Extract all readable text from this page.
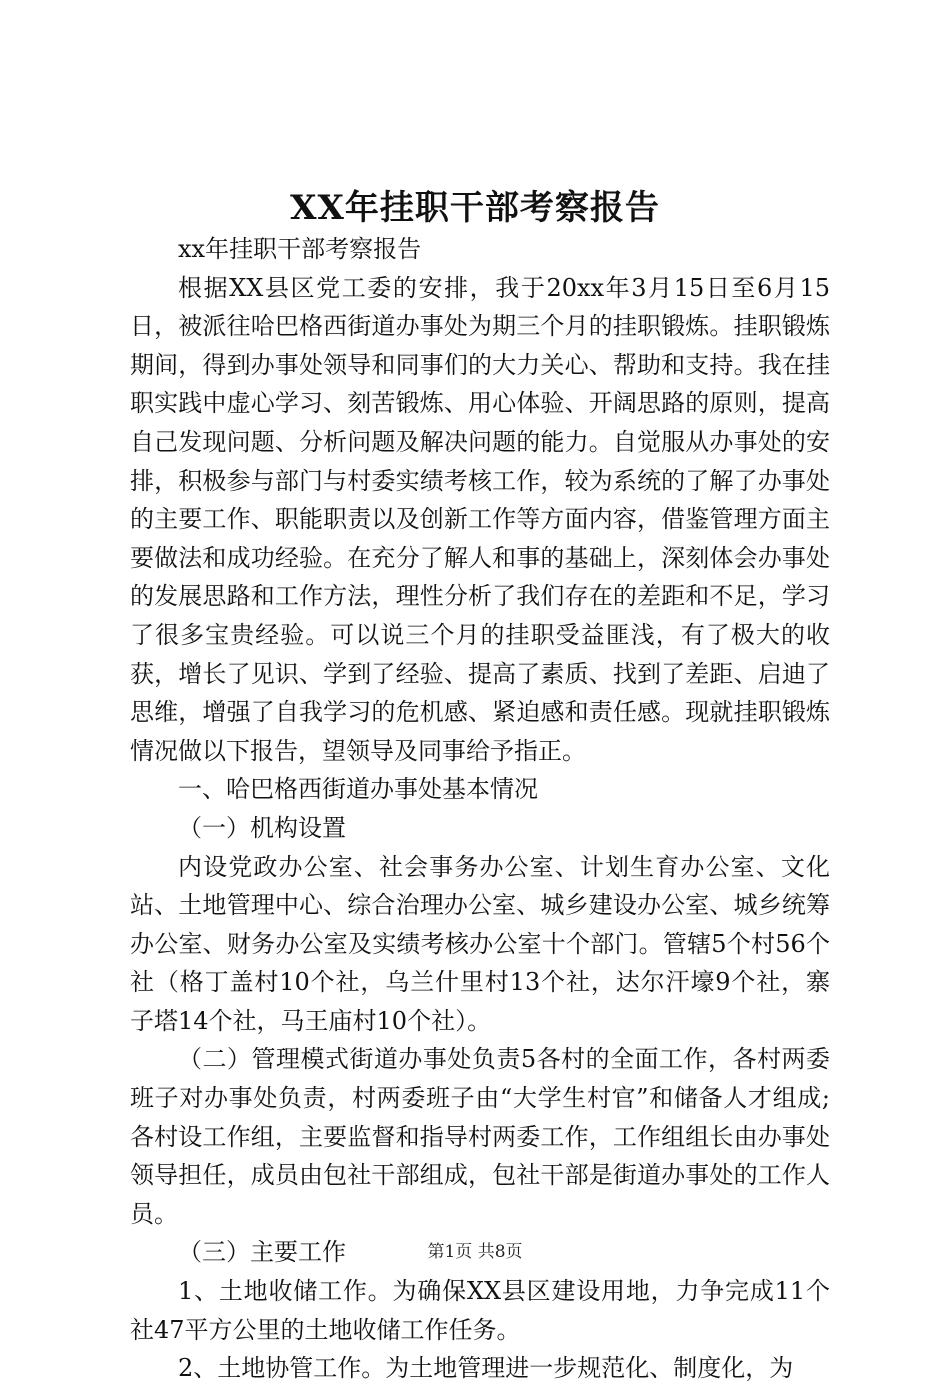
XX年挂职干部考察报告

xx年挂职干部考察报告

根据XX县区党工委的安排，我于20xx年3月15日至6月15日，被派往哈巴格西街道办事处为期三个月的挂职锻炼。挂职锻炼期间，得到办事处领导和同事们的大力关心、帮助和支持。我在挂职实践中虚心学习、刻苦锻炼、用心体验、开阔思路的原则，提高自己发现问题、分析问题及解决问题的能力。自觉服从办事处的安排，积极参与部门与村委实绩考核工作，较为系统的了解了办事处的主要工作、职能职责以及创新工作等方面内容，借鉴管理方面主要做法和成功经验。在充分了解人和事的基础上，深刻体会办事处的发展思路和工作方法，理性分析了我们存在的差距和不足，学习了很多宝贵经验。可以说三个月的挂职受益匪浅，有了极大的收获，增长了见识、学到了经验、提高了素质、找到了差距、启迪了思维，增强了自我学习的危机感、紧迫感和责任感。现就挂职锻炼情况做以下报告，望领导及同事给予指正。

一、哈巴格西街道办事处基本情况

（一）机构设置

内设党政办公室、社会事务办公室、计划生育办公室、文化站、土地管理中心、综合治理办公室、城乡建设办公室、城乡统筹办公室、财务办公室及实绩考核办公室十个部门。管辖5个村56个社（格丁盖村10个社，乌兰什里村13个社，达尔汗壕9个社，寨子塔14个社，马王庙村10个社）。

（二）管理模式街道办事处负责5各村的全面工作，各村两委班子对办事处负责，村两委班子由“大学生村官”和储备人才组成;各村设工作组，主要监督和指导村两委工作，工作组组长由办事处领导担任，成员由包社干部组成，包社干部是街道办事处的工作人员。

（三）主要工作

1、土地收储工作。为确保XX县区建设用地，力争完成11个社47平方公里的土地收储工作任务。

2、土地协管工作。为土地管理进一步规范化、制度化，为

第1页 共8页
